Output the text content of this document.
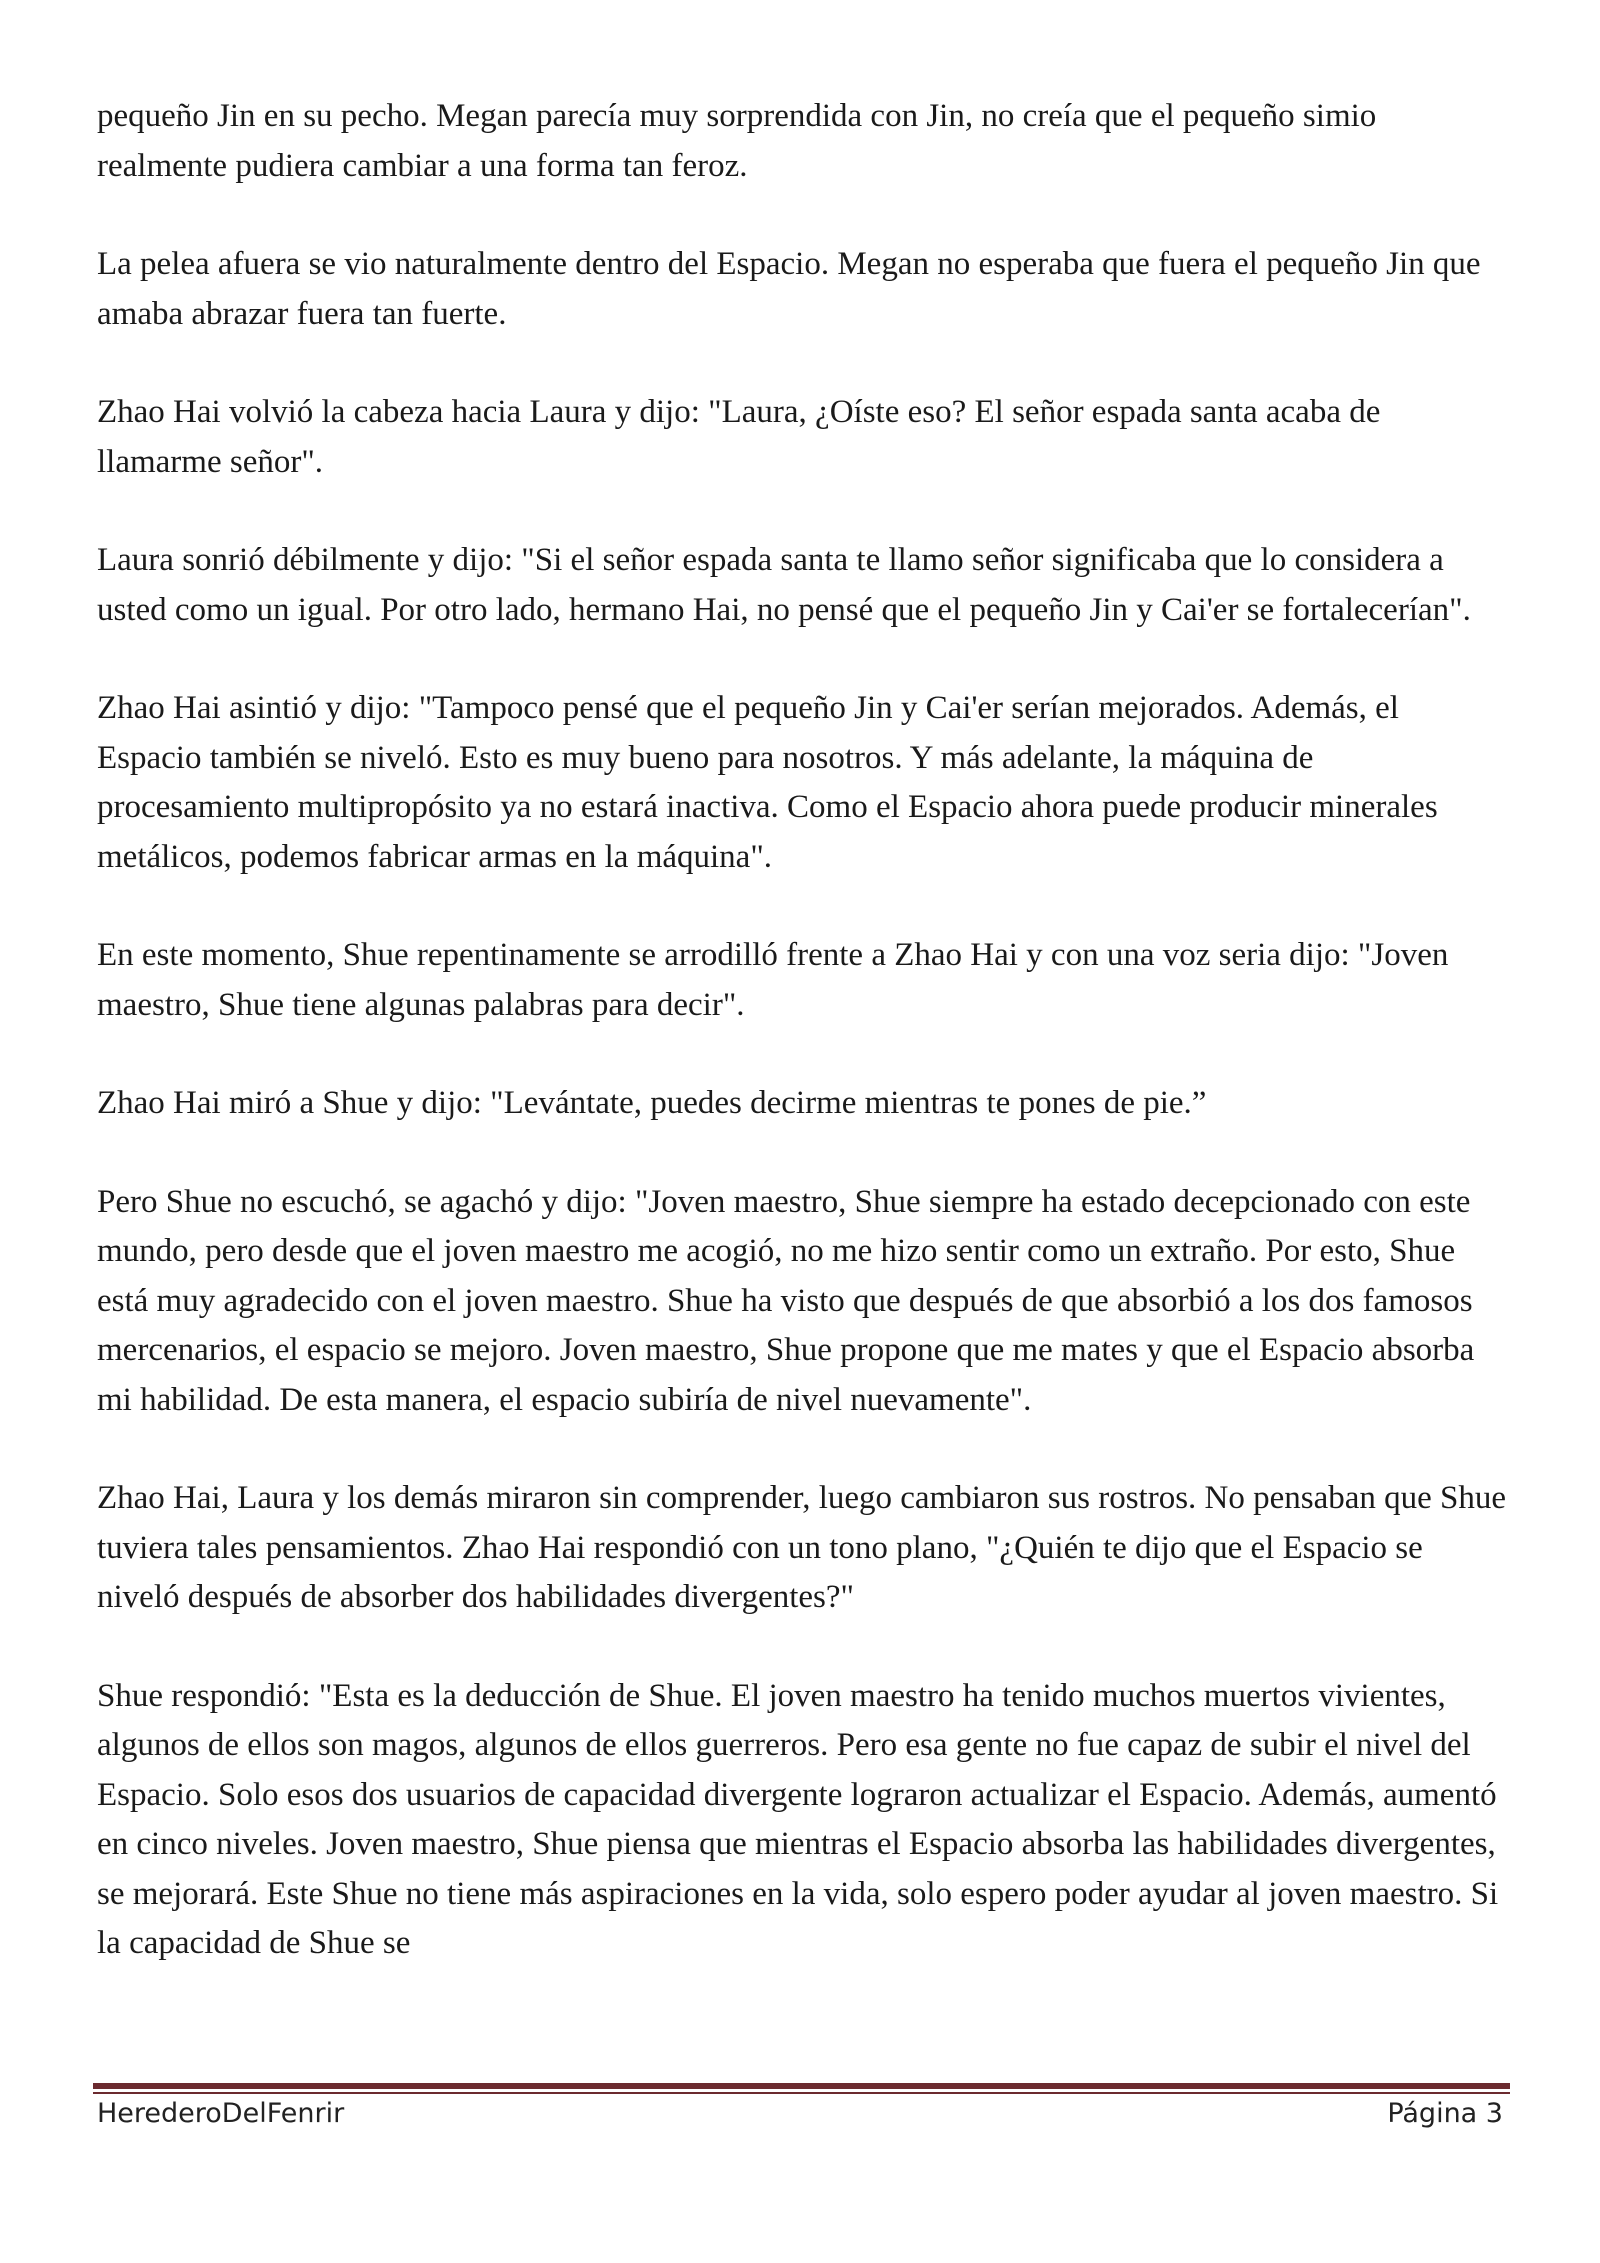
pequeño Jin en su pecho. Megan parecía muy sorprendida con Jin, no creía que el pequeño simio realmente pudiera cambiar a una forma tan feroz.

La pelea afuera se vio naturalmente dentro del Espacio. Megan no esperaba que fuera el pequeño Jin que amaba abrazar fuera tan fuerte.

Zhao Hai volvió la cabeza hacia Laura y dijo: "Laura, ¿Oíste eso? El señor espada santa acaba de llamarme señor".

Laura sonrió débilmente y dijo: "Si el señor espada santa te llamo señor significaba que lo considera a usted como un igual. Por otro lado, hermano Hai, no pensé que el pequeño Jin y Cai'er se fortalecerían".

Zhao Hai asintió y dijo: "Tampoco pensé que el pequeño Jin y Cai'er serían mejorados. Además, el Espacio también se niveló. Esto es muy bueno para nosotros. Y más adelante, la máquina de procesamiento multipropósito ya no estará inactiva. Como el Espacio ahora puede producir minerales metálicos, podemos fabricar armas en la máquina".

En este momento, Shue repentinamente se arrodilló frente a Zhao Hai y con una voz seria dijo: "Joven maestro, Shue tiene algunas palabras para decir".

Zhao Hai miró a Shue y dijo: "Levántate, puedes decirme mientras te pones de pie.”

Pero Shue no escuchó, se agachó y dijo: "Joven maestro, Shue siempre ha estado decepcionado con este mundo, pero desde que el joven maestro me acogió, no me hizo sentir como un extraño. Por esto, Shue está muy agradecido con el joven maestro. Shue ha visto que después de que absorbió a los dos famosos mercenarios, el espacio se mejoro. Joven maestro, Shue propone que me mates y que el Espacio absorba mi habilidad. De esta manera, el espacio subiría de nivel nuevamente".

Zhao Hai, Laura y los demás miraron sin comprender, luego cambiaron sus rostros. No pensaban que Shue tuviera tales pensamientos. Zhao Hai respondió con un tono plano, "¿Quién te dijo que el Espacio se niveló después de absorber dos habilidades divergentes?"

Shue respondió: "Esta es la deducción de Shue. El joven maestro ha tenido muchos muertos vivientes, algunos de ellos son magos, algunos de ellos guerreros. Pero esa gente no fue capaz de subir el nivel del Espacio. Solo esos dos usuarios de capacidad divergente lograron actualizar el Espacio. Además, aumentó en cinco niveles. Joven maestro, Shue piensa que mientras el Espacio absorba las habilidades divergentes, se mejorará. Este Shue no tiene más aspiraciones en la vida, solo espero poder ayudar al joven maestro. Si la capacidad de Shue se

HerederoDelFenrir	Página 3
